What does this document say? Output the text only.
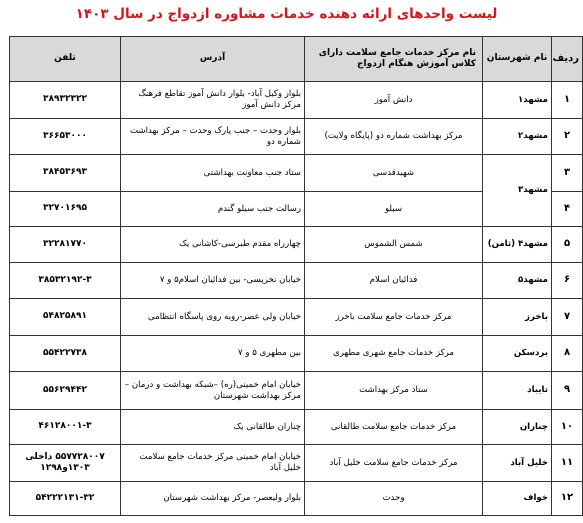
لیست واحدهای ارائه دهنده خدمات مشاوره ازدواج در سال ۱۴۰۳
ردیف	نام شهرستان	نام مرکز خدمات جامع سلامت دارای کلاس آموزش هنگام ازدواج	آدرس	تلفن
۱	مشهد۱	دانش آموز	بلوار وکیل آباد- بلوار دانش آموز تقاطع فرهنگ مرکز دانش آموز	۳۸۹۳۲۳۲۲
۲	مشهد۲	مرکز بهداشت شماره دو (پایگاه ولایت)	بلوار وحدت – جنب پارک وحدت – مرکز بهداشت شماره دو	۳۶۶۵۳۰۰۰
۳	مشهد۳	شهیدقدسی	ستاد جنب معاونت بهداشتی	۳۸۴۵۳۶۹۳
۴		سیلو	رسالت جنب سیلو گندم	۳۲۷۰۱۶۹۵
۵	مشهد۴ (ثامن)	شمس الشموس	چهارراه مقدم طبرسی-کاشانی یک	۳۲۲۸۱۷۷۰
۶	مشهد۵	فدائیان اسلام	خیابان نخریسی- بین فدائیان اسلام۵ و ۷	۳۸۵۳۲۱۹۲-۳
۷	باخرز	مرکز خدمات جامع سلامت باخرز	خیابان ولی عصر-روبه روی پاسگاه انتظامی	۵۴۸۲۵۸۹۱
۸	بردسکن	مرکز خدمات جامع شهری مطهری	بین مطهری ۵ و ۷	۵۵۴۲۲۷۳۸
۹	تایباد	ستاد مرکز بهداشت	خیابان امام خمینی(ره) –شبکه بهداشت و درمان –مرکز بهداشت شهرستان	۵۵۶۲۹۴۴۲
۱۰	چناران	مرکز خدمات جامع سلامت طالقانی	چناران طالقانی یک	۴۶۱۲۸۰۰۱-۳
۱۱	خلیل آباد	مرکز خدمات جامع سلامت خلیل آباد	خیابان امام خمینی مرکز خدمات جامع سلامت خلیل آباد	۵۵۷۷۲۸۰۰۷ داخلی ۱۳۰۳و۱۲۹۸
۱۲	خواف	وحدت	بلوار ولیعصر- مرکز بهداشت شهرستان	۵۴۲۲۲۱۳۱-۳۲
